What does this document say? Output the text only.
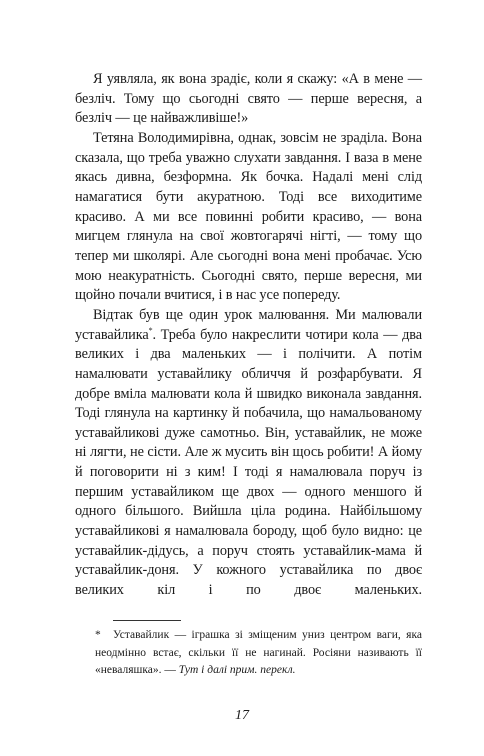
Я уявляла, як вона зрадіє, коли я скажу: «А в мене — безліч. Тому що сьогодні свято — перше вересня, а безліч — це найважливіше!»

Тетяна Володимирівна, однак, зовсім не зраділа. Вона сказала, що треба уважно слухати завдання. І ваза в мене якась дивна, безформна. Як бочка. Надалі мені слід намагатися бути акуратною. Тоді все виходитиме красиво. А ми все повинні робити красиво, — вона мигцем глянула на свої жовтогарячі нігті, — тому що тепер ми школярі. Але сьогодні вона мені пробачає. Усю мою неакуратність. Сьогодні свято, перше вересня, ми щойно почали вчитися, і в нас усе попереду.

Відтак був ще один урок малювання. Ми малювали уставайлика*. Треба було накреслити чотири кола — два великих і два маленьких — і полічити. А потім намалювати уставайлику обличчя й розфарбувати. Я добре вміла малювати кола й швидко виконала завдання. Тоді глянула на картинку й побачила, що намальованому уставайликові дуже самотньо. Він, уставайлик, не може ні лягти, не сісти. Але ж мусить він щось робити! А йому й поговорити ні з ким! І тоді я намалювала поруч із першим уставайликом ще двох — одного меншого й одного більшого. Вийшла ціла родина. Найбільшому уставайликові я намалювала бороду, щоб було видно: це уставайлик-дідусь, а поруч стоять уставайлик-мама й уставайлик-доня. У кожного уставайлика по двоє великих кіл і по двоє маленьких.

* Уставайлик — іграшка зі зміщеним униз центром ваги, яка неодмінно встає, скільки її не нагинай. Росіяни називають її «неваляшка». — Тут і далі прим. перекл.
17
